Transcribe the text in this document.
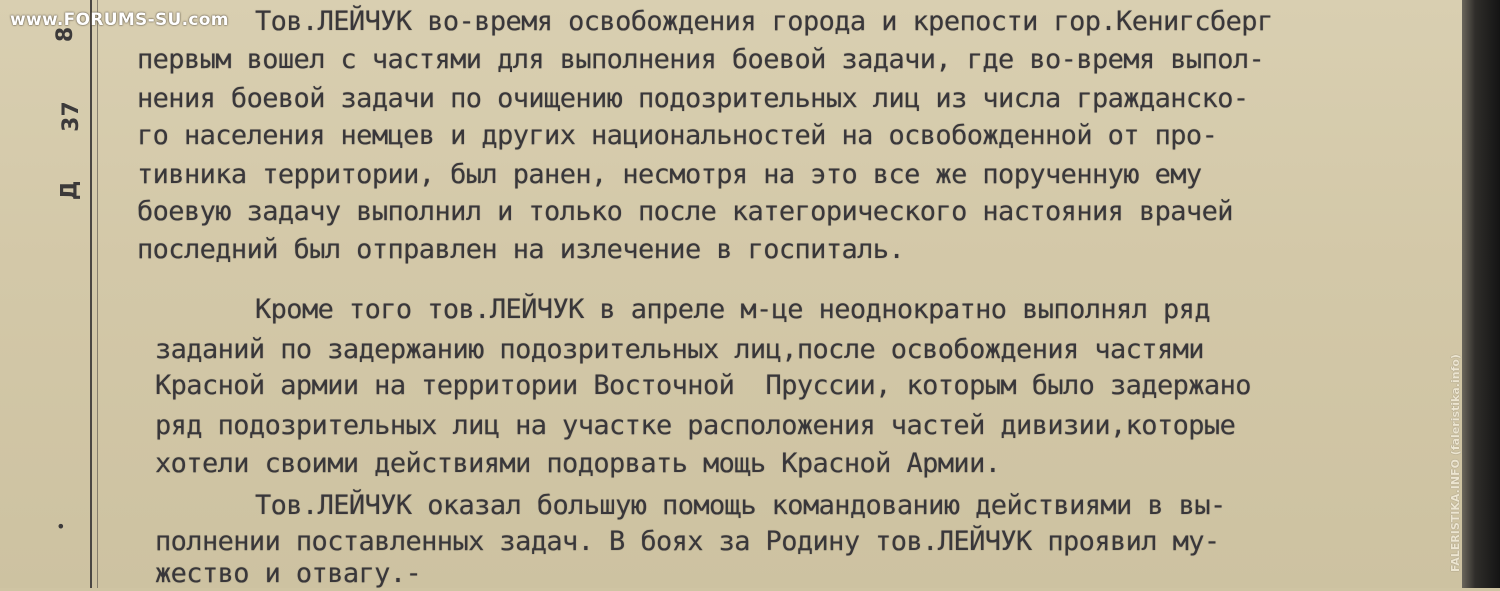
www.FORUMS-SU.com
8
37
Д
•	FALERISTIKA.INFO (faleristika.info)
Тов.ЛЕЙЧУК во-время освобождения города и крепости гор.Кенигсберг
первым вошел с частями для выполнения боевой задачи, где во-время выпол-
нения боевой задачи по очищению подозрительных лиц из числа гражданско-
го населения немцев и других национальностей на освобожденной от про-
тивника территории, был ранен, несмотря на это все же порученную ему
боевую задачу выполнил и только после категорического настояния врачей
последний был отправлен на излечение в госпиталь.
Кроме того тов.ЛЕЙЧУК в апреле м-це неоднократно выполнял ряд
заданий по задержанию подозрительных лиц,после освобождения частями
Красной армии на территории Восточной  Пруссии, которым было задержано
ряд подозрительных лиц на участке расположения частей дивизии,которые
хотели своими действиями подорвать мощь Красной Армии.
Тов.ЛЕЙЧУК оказал большую помощь командованию действиями в вы-
полнении поставленных задач. В боях за Родину тов.ЛЕЙЧУК проявил му-
жество и отвагу.-
